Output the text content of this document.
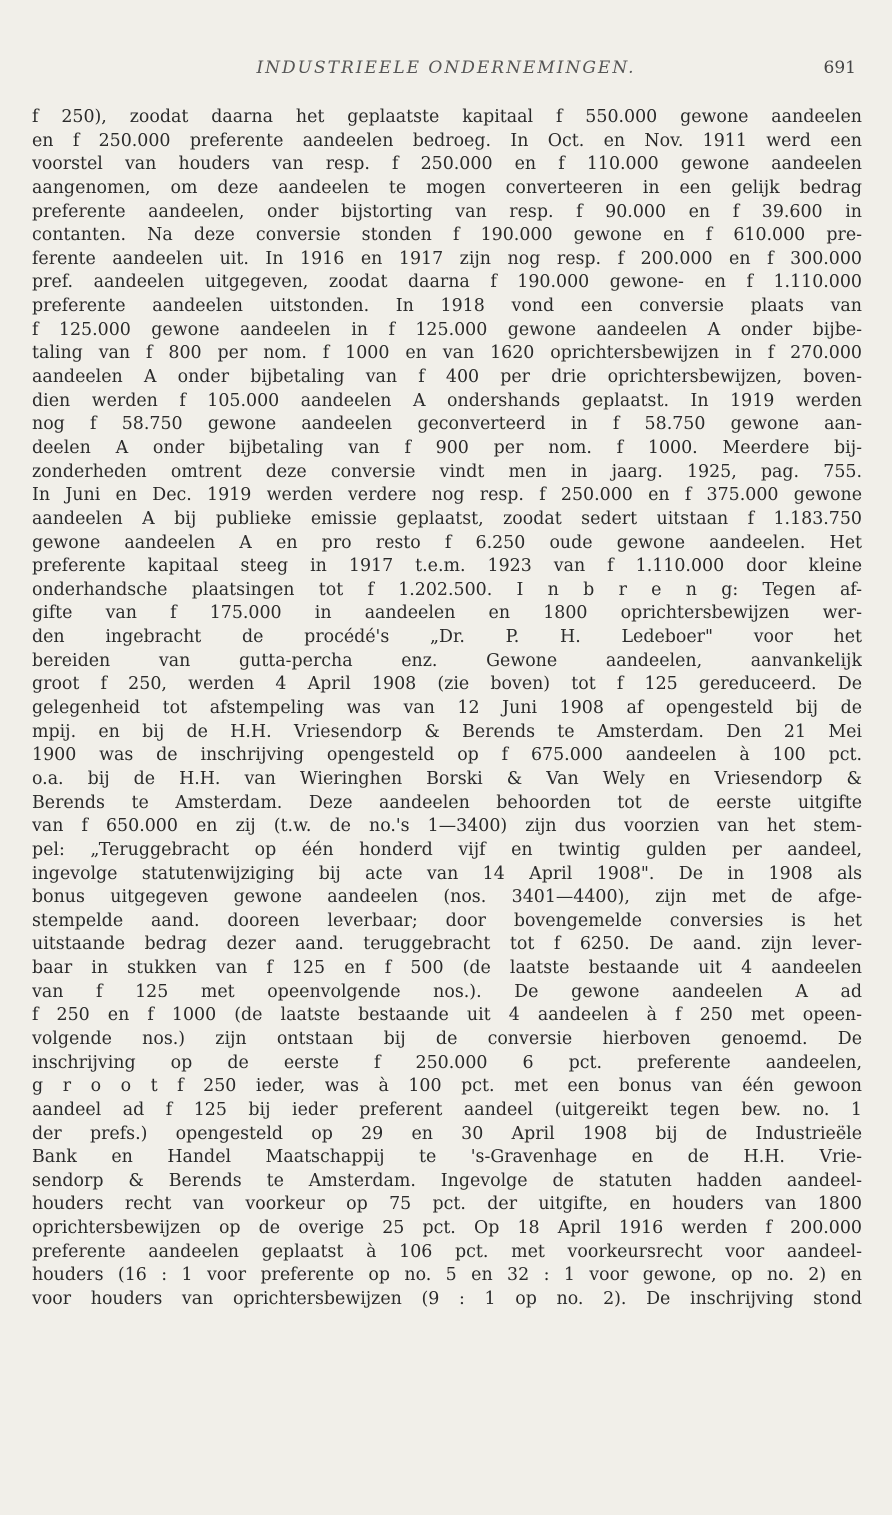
INDUSTRIEELE ONDERNEMINGEN.	691
f 250), zoodat daarna het geplaatste kapitaal f 550.000 gewone aandeelen
en f 250.000 preferente aandeelen bedroeg. In Oct. en Nov. 1911 werd een
voorstel van houders van resp. f 250.000 en f 110.000 gewone aandeelen
aangenomen, om deze aandeelen te mogen converteeren in een gelijk bedrag
preferente aandeelen, onder bijstorting van resp. f 90.000 en f 39.600 in
contanten. Na deze conversie stonden f 190.000 gewone en f 610.000 pre-
ferente aandeelen uit. In 1916 en 1917 zijn nog resp. f 200.000 en f 300.000
pref. aandeelen uitgegeven, zoodat daarna f 190.000 gewone- en f 1.110.000
preferente aandeelen uitstonden. In 1918 vond een conversie plaats van
f 125.000 gewone aandeelen in f 125.000 gewone aandeelen A onder bijbe-
taling van f 800 per nom. f 1000 en van 1620 oprichtersbewijzen in f 270.000
aandeelen A onder bijbetaling van f 400 per drie oprichtersbewijzen, boven-
dien werden f 105.000 aandeelen A ondershands geplaatst. In 1919 werden
nog f 58.750 gewone aandeelen geconverteerd in f 58.750 gewone aan-
deelen A onder bijbetaling van f 900 per nom. f 1000. Meerdere bij-
zonderheden omtrent deze conversie vindt men in jaarg. 1925, pag. 755.
In Juni en Dec. 1919 werden verdere nog resp. f 250.000 en f 375.000 gewone
aandeelen A bij publieke emissie geplaatst, zoodat sedert uitstaan f 1.183.750
gewone aandeelen A en pro resto f 6.250 oude gewone aandeelen. Het
preferente kapitaal steeg in 1917 t.e.m. 1923 van f 1.110.000 door kleine
onderhandsche plaatsingen tot f 1.202.500. I n b r e n g: Tegen af-
gifte van f 175.000 in aandeelen en 1800 oprichtersbewijzen wer-
den ingebracht de procédé's „Dr. P. H. Ledeboer" voor het
bereiden van gutta-percha enz. Gewone aandeelen, aanvankelijk
groot f 250, werden 4 April 1908 (zie boven) tot f 125 gereduceerd. De
gelegenheid tot afstempeling was van 12 Juni 1908 af opengesteld bij de
mpij. en bij de H.H. Vriesendorp & Berends te Amsterdam. Den 21 Mei
1900 was de inschrijving opengesteld op f 675.000 aandeelen à 100 pct.
o.a. bij de H.H. van Wieringhen Borski & Van Wely en Vriesendorp &
Berends te Amsterdam. Deze aandeelen behoorden tot de eerste uitgifte
van f 650.000 en zij (t.w. de no.'s 1—3400) zijn dus voorzien van het stem-
pel: „Teruggebracht op één honderd vijf en twintig gulden per aandeel,
ingevolge statutenwijziging bij acte van 14 April 1908". De in 1908 als
bonus uitgegeven gewone aandeelen (nos. 3401—4400), zijn met de afge-
stempelde aand. dooreen leverbaar; door bovengemelde conversies is het
uitstaande bedrag dezer aand. teruggebracht tot f 6250. De aand. zijn lever-
baar in stukken van f 125 en f 500 (de laatste bestaande uit 4 aandeelen
van f 125 met opeenvolgende nos.). De gewone aandeelen A ad
f 250 en f 1000 (de laatste bestaande uit 4 aandeelen à f 250 met opeen-
volgende nos.) zijn ontstaan bij de conversie hierboven genoemd. De
inschrijving op de eerste f 250.000 6 pct. preferente aandeelen,
g r o o t f 250 ieder, was à 100 pct. met een bonus van één gewoon
aandeel ad f 125 bij ieder preferent aandeel (uitgereikt tegen bew. no. 1
der prefs.) opengesteld op 29 en 30 April 1908 bij de Industrieële
Bank en Handel Maatschappij te 's-Gravenhage en de H.H. Vrie-
sendorp & Berends te Amsterdam. Ingevolge de statuten hadden aandeel-
houders recht van voorkeur op 75 pct. der uitgifte, en houders van 1800
oprichtersbewijzen op de overige 25 pct. Op 18 April 1916 werden f 200.000
preferente aandeelen geplaatst à 106 pct. met voorkeursrecht voor aandeel-
houders (16 : 1 voor preferente op no. 5 en 32 : 1 voor gewone, op no. 2) en
voor houders van oprichtersbewijzen (9 : 1 op no. 2). De inschrijving stond
